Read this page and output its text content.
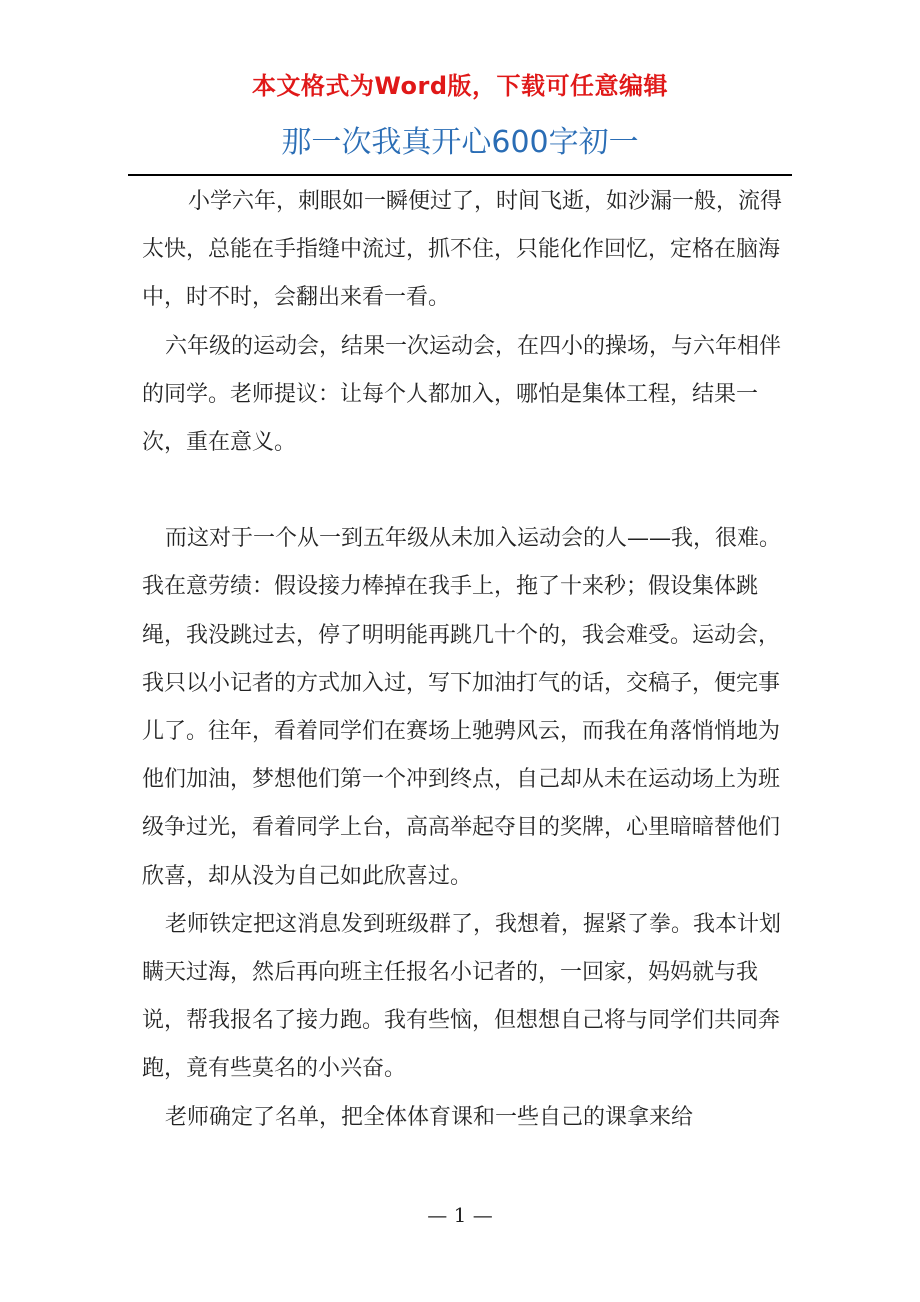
本文格式为Word版，下载可任意编辑
那一次我真开心600字初一

小学六年，刺眼如一瞬便过了，时间飞逝，如沙漏一般，流得太快，总能在手指缝中流过，抓不住，只能化作回忆，定格在脑海中，时不时，会翻出来看一看。

六年级的运动会，结果一次运动会，在四小的操场，与六年相伴的同学。老师提议：让每个人都加入，哪怕是集体工程，结果一次，重在意义。

而这对于一个从一到五年级从未加入运动会的人——我，很难。我在意劳绩：假设接力棒掉在我手上，拖了十来秒；假设集体跳绳，我没跳过去，停了明明能再跳几十个的，我会难受。运动会，我只以小记者的方式加入过，写下加油打气的话，交稿子，便完事儿了。往年，看着同学们在赛场上驰骋风云，而我在角落悄悄地为他们加油，梦想他们第一个冲到终点，自己却从未在运动场上为班级争过光，看着同学上台，高高举起夺目的奖牌，心里暗暗替他们欣喜，却从没为自己如此欣喜过。

老师铁定把这消息发到班级群了，我想着，握紧了拳。我本计划瞒天过海，然后再向班主任报名小记者的，一回家，妈妈就与我说，帮我报名了接力跑。我有些恼，但想想自己将与同学们共同奔跑，竟有些莫名的小兴奋。

老师确定了名单，把全体体育课和一些自己的课拿来给

— 1 —
